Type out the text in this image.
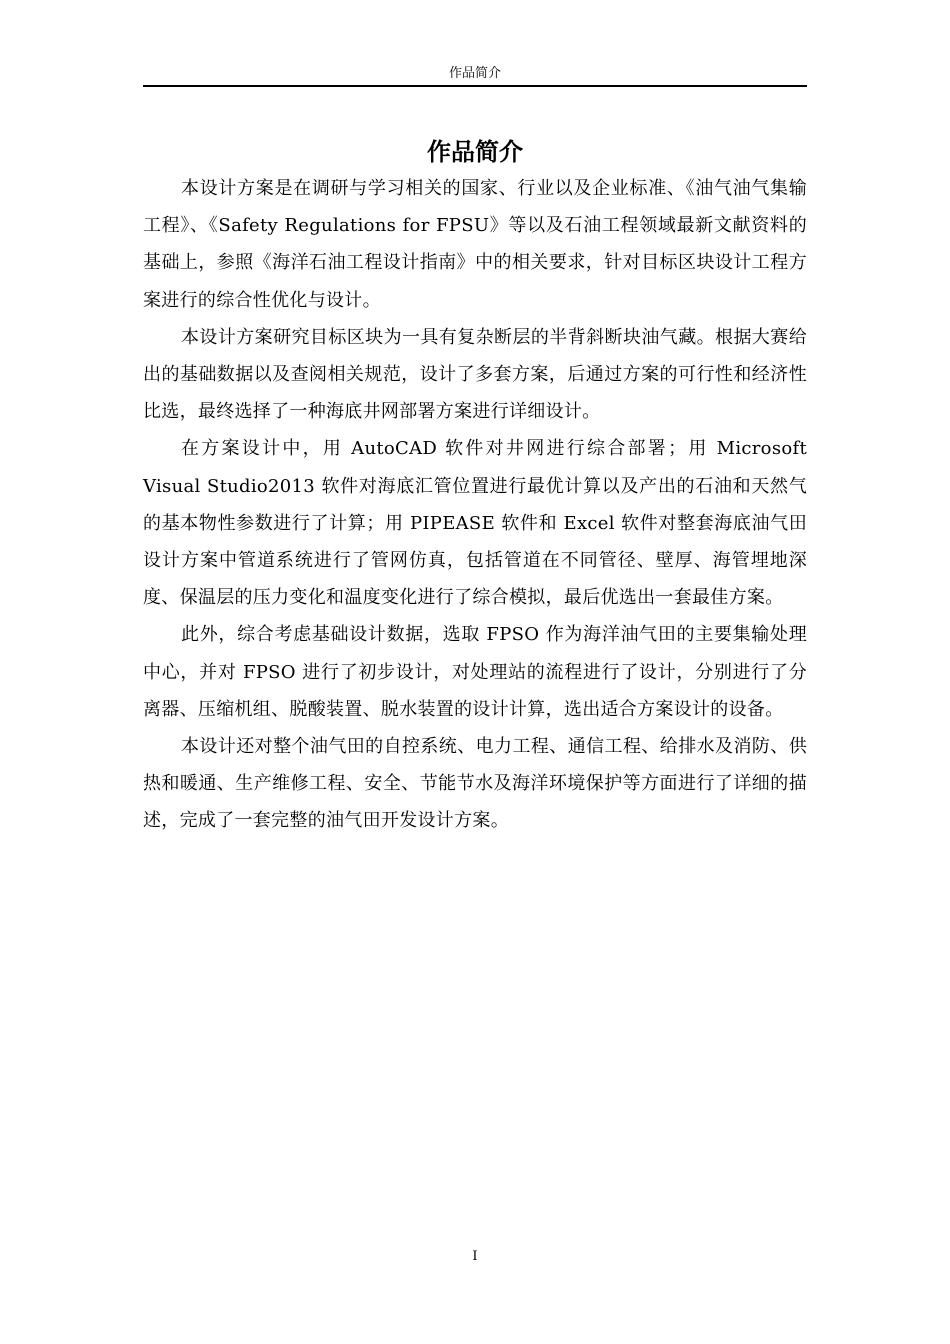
作品简介
作品简介

本设计方案是在调研与学习相关的国家、行业以及企业标准、《油气油气集输工程》、《Safety Regulations for FPSU》等以及石油工程领域最新文献资料的基础上，参照《海洋石油工程设计指南》中的相关要求，针对目标区块设计工程方案进行的综合性优化与设计。

本设计方案研究目标区块为一具有复杂断层的半背斜断块油气藏。根据大赛给出的基础数据以及查阅相关规范，设计了多套方案，后通过方案的可行性和经济性比选，最终选择了一种海底井网部署方案进行详细设计。

在方案设计中，用 AutoCAD 软件对井网进行综合部署；用 Microsoft Visual Studio2013 软件对海底汇管位置进行最优计算以及产出的石油和天然气的基本物性参数进行了计算；用 PIPEASE 软件和 Excel 软件对整套海底油气田设计方案中管道系统进行了管网仿真，包括管道在不同管径、壁厚、海管埋地深度、保温层的压力变化和温度变化进行了综合模拟，最后优选出一套最佳方案。

此外，综合考虑基础设计数据，选取 FPSO 作为海洋油气田的主要集输处理中心，并对 FPSO 进行了初步设计，对处理站的流程进行了设计，分别进行了分离器、压缩机组、脱酸装置、脱水装置的设计计算，选出适合方案设计的设备。

本设计还对整个油气田的自控系统、电力工程、通信工程、给排水及消防、供热和暖通、生产维修工程、安全、节能节水及海洋环境保护等方面进行了详细的描述，完成了一套完整的油气田开发设计方案。

I
